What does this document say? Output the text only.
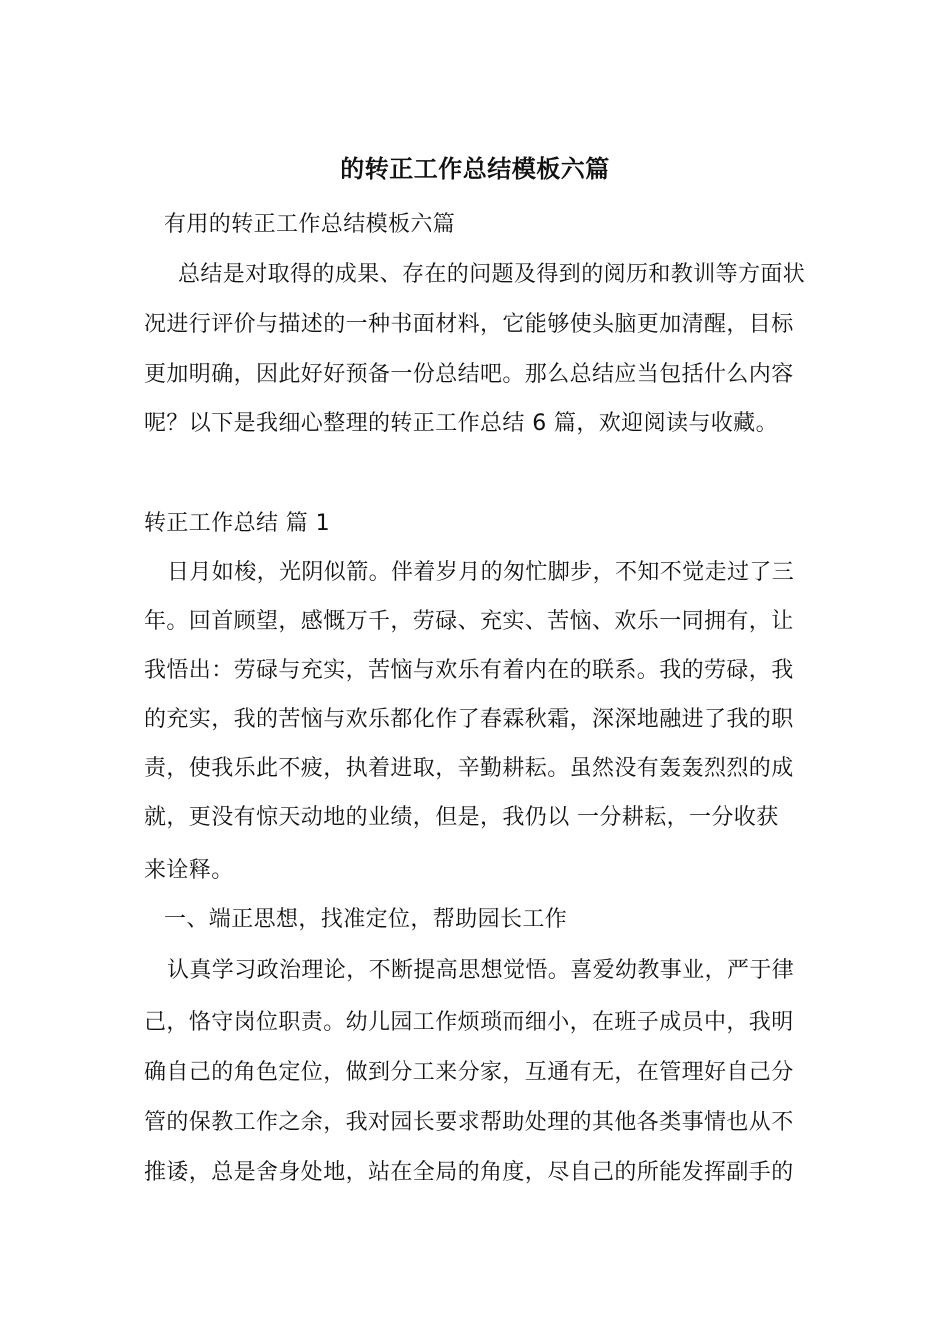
的转正工作总结模板六篇
有用的转正工作总结模板六篇
总结是对取得的成果、存在的问题及得到的阅历和教训等方面状
况进行评价与描述的一种书面材料，它能够使头脑更加清醒，目标
更加明确，因此好好预备一份总结吧。那么总结应当包括什么内容
呢？以下是我细心整理的转正工作总结 6 篇，欢迎阅读与收藏。
转正工作总结 篇 1
日月如梭，光阴似箭。伴着岁月的匆忙脚步，不知不觉走过了三
年。回首顾望，感慨万千，劳碌、充实、苦恼、欢乐一同拥有，让
我悟出：劳碌与充实，苦恼与欢乐有着内在的联系。我的劳碌，我
的充实，我的苦恼与欢乐都化作了春霖秋霜，深深地融进了我的职
责，使我乐此不疲，执着进取，辛勤耕耘。虽然没有轰轰烈烈的成
就，更没有惊天动地的业绩，但是，我仍以 一分耕耘，一分收获
来诠释。
一、端正思想，找准定位，帮助园长工作
认真学习政治理论，不断提高思想觉悟。喜爱幼教事业，严于律
己，恪守岗位职责。幼儿园工作烦琐而细小，在班子成员中，我明
确自己的角色定位，做到分工来分家，互通有无，在管理好自己分
管的保教工作之余，我对园长要求帮助处理的其他各类事情也从不
推诿，总是舍身处地，站在全局的角度，尽自己的所能发挥副手的
